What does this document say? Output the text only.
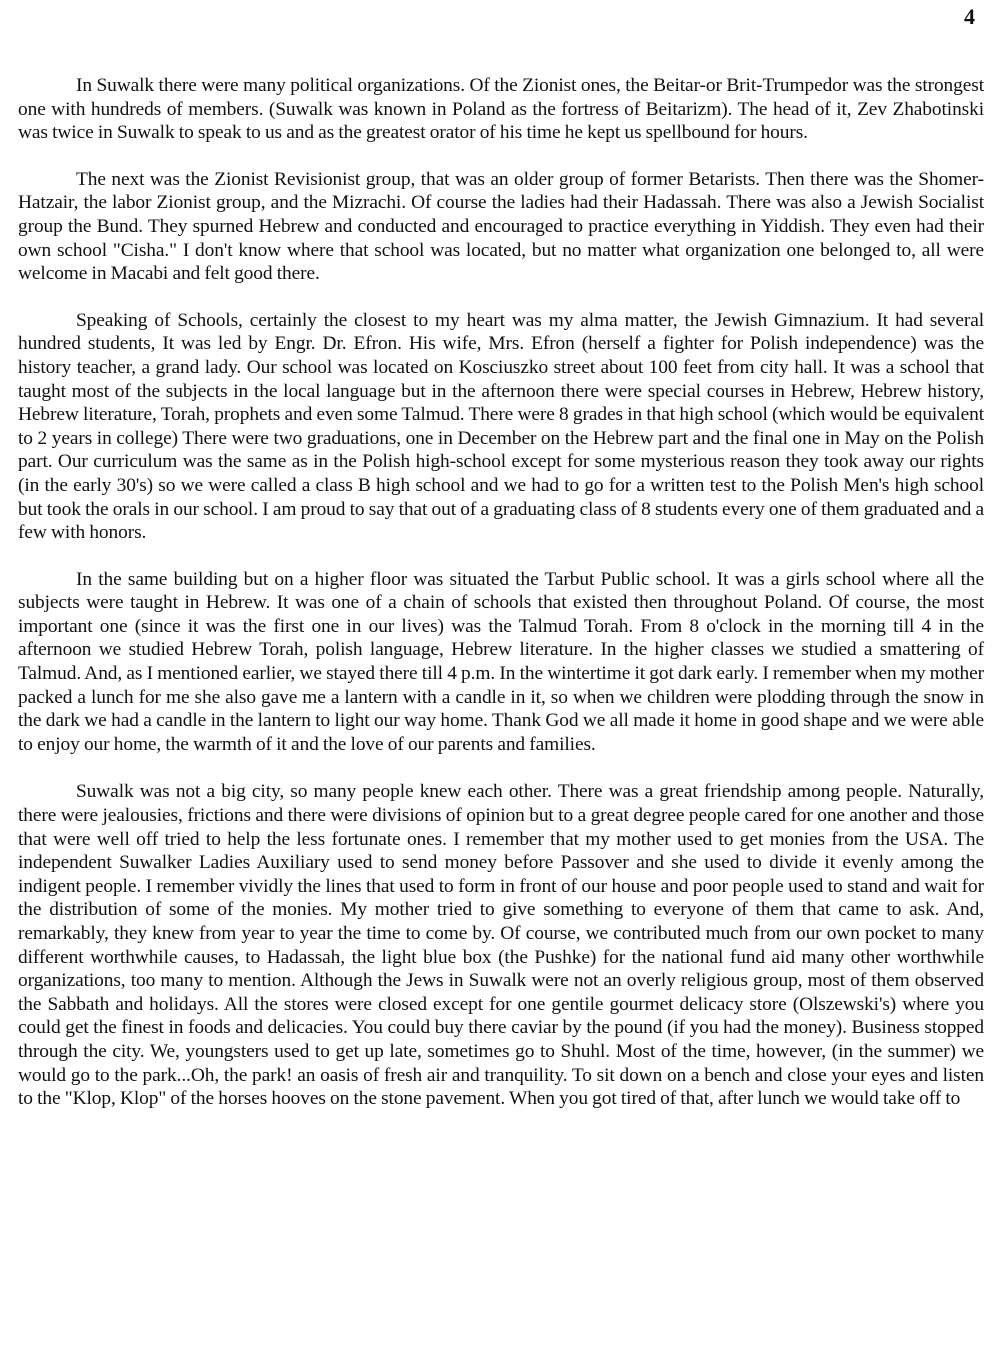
4

In Suwalk there were many political organizations. Of the Zionist ones, the Beitar-or Brit-Trumpedor was the strongest one with hundreds of members. (Suwalk was known in Poland as the fortress of Beitarizm). The head of it, Zev Zhabotinski was twice in Suwalk to speak to us and as the greatest orator of his time he kept us spellbound for hours.

The next was the Zionist Revisionist group, that was an older group of former Betarists. Then there was the Shomer-Hatzair, the labor Zionist group, and the Mizrachi. Of course the ladies had their Hadassah. There was also a Jewish Socialist group the Bund. They spurned Hebrew and conducted and encouraged to practice everything in Yiddish. They even had their own school "Cisha." I don't know where that school was located, but no matter what organization one belonged to, all were welcome in Macabi and felt good there.

Speaking of Schools, certainly the closest to my heart was my alma matter, the Jewish Gimnazium. It had several hundred students, It was led by Engr. Dr. Efron. His wife, Mrs. Efron (herself a fighter for Polish independence) was the history teacher, a grand lady. Our school was located on Kosciuszko street about 100 feet from city hall. It was a school that taught most of the subjects in the local language but in the afternoon there were special courses in Hebrew, Hebrew history, Hebrew literature, Torah, prophets and even some Talmud. There were 8 grades in that high school (which would be equivalent to 2 years in college) There were two graduations, one in December on the Hebrew part and the final one in May on the Polish part. Our curriculum was the same as in the Polish high-school except for some mysterious reason they took away our rights (in the early 30's) so we were called a class B high school and we had to go for a written test to the Polish Men's high school but took the orals in our school. I am proud to say that out of a graduating class of 8 students every one of them graduated and a few with honors.

In the same building but on a higher floor was situated the Tarbut Public school. It was a girls school where all the subjects were taught in Hebrew. It was one of a chain of schools that existed then throughout Poland. Of course, the most important one (since it was the first one in our lives) was the Talmud Torah. From 8 o'clock in the morning till 4 in the afternoon we studied Hebrew Torah, polish language, Hebrew literature. In the higher classes we studied a smattering of Talmud. And, as I mentioned earlier, we stayed there till 4 p.m. In the wintertime it got dark early. I remember when my mother packed a lunch for me she also gave me a lantern with a candle in it, so when we children were plodding through the snow in the dark we had a candle in the lantern to light our way home. Thank God we all made it home in good shape and we were able to enjoy our home, the warmth of it and the love of our parents and families.

Suwalk was not a big city, so many people knew each other. There was a great friendship among people. Naturally, there were jealousies, frictions and there were divisions of opinion but to a great degree people cared for one another and those that were well off tried to help the less fortunate ones. I remember that my mother used to get monies from the USA. The independent Suwalker Ladies Auxiliary used to send money before Passover and she used to divide it evenly among the indigent people. I remember vividly the lines that used to form in front of our house and poor people used to stand and wait for the distribution of some of the monies. My mother tried to give something to everyone of them that came to ask. And, remarkably, they knew from year to year the time to come by. Of course, we contributed much from our own pocket to many different worthwhile causes, to Hadassah, the light blue box (the Pushke) for the national fund aid many other worthwhile organizations, too many to mention. Although the Jews in Suwalk were not an overly religious group, most of them observed the Sabbath and holidays. All the stores were closed except for one gentile gourmet delicacy store (Olszewski's) where you could get the finest in foods and delicacies. You could buy there caviar by the pound (if you had the money). Business stopped through the city. We, youngsters used to get up late, sometimes go to Shuhl. Most of the time, however, (in the summer) we would go to the park...Oh, the park! an oasis of fresh air and tranquility. To sit down on a bench and close your eyes and listen to the "Klop, Klop" of the horses hooves on the stone pavement. When you got tired of that, after lunch we would take off to
